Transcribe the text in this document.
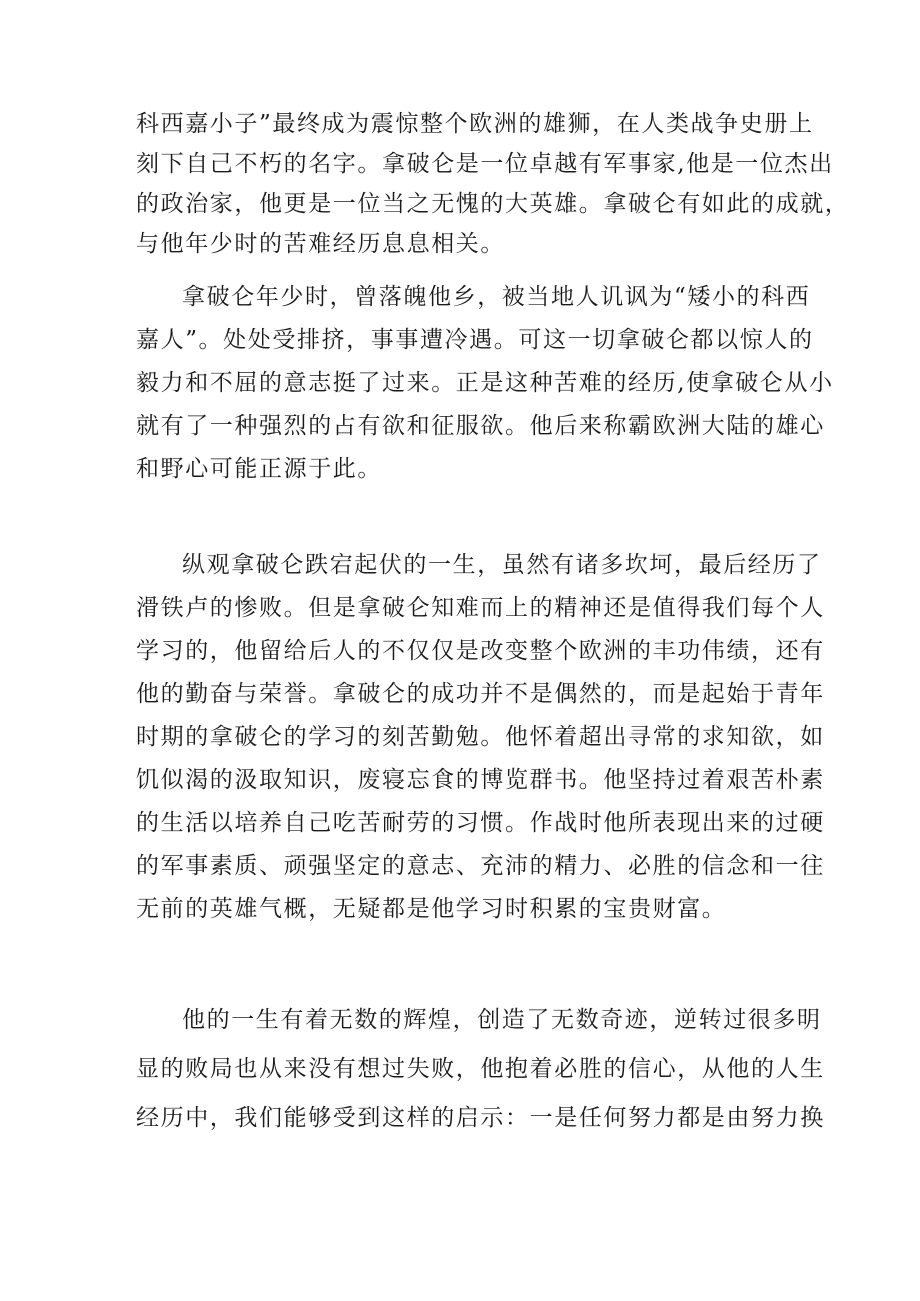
科西嘉小子”最终成为震惊整个欧洲的雄狮，在人类战争史册上
刻下自己不朽的名字。拿破仑是一位卓越有军事家,他是一位杰出
的政治家，他更是一位当之无愧的大英雄。拿破仑有如此的成就，
与他年少时的苦难经历息息相关。
拿破仑年少时，曾落魄他乡，被当地人讥讽为“矮小的科西
嘉人”。处处受排挤，事事遭冷遇。可这一切拿破仑都以惊人的
毅力和不屈的意志挺了过来。正是这种苦难的经历,使拿破仑从小
就有了一种强烈的占有欲和征服欲。他后来称霸欧洲大陆的雄心
和野心可能正源于此。
纵观拿破仑跌宕起伏的一生，虽然有诸多坎坷，最后经历了
滑铁卢的惨败。但是拿破仑知难而上的精神还是值得我们每个人
学习的，他留给后人的不仅仅是改变整个欧洲的丰功伟绩，还有
他的勤奋与荣誉。拿破仑的成功并不是偶然的，而是起始于青年
时期的拿破仑的学习的刻苦勤勉。他怀着超出寻常的求知欲，如
饥似渴的汲取知识，废寝忘食的博览群书。他坚持过着艰苦朴素
的生活以培养自己吃苦耐劳的习惯。作战时他所表现出来的过硬
的军事素质、顽强坚定的意志、充沛的精力、必胜的信念和一往
无前的英雄气概，无疑都是他学习时积累的宝贵财富。
他的一生有着无数的辉煌，创造了无数奇迹，逆转过很多明
显的败局也从来没有想过失败，他抱着必胜的信心，从他的人生
经历中，我们能够受到这样的启示：一是任何努力都是由努力换
